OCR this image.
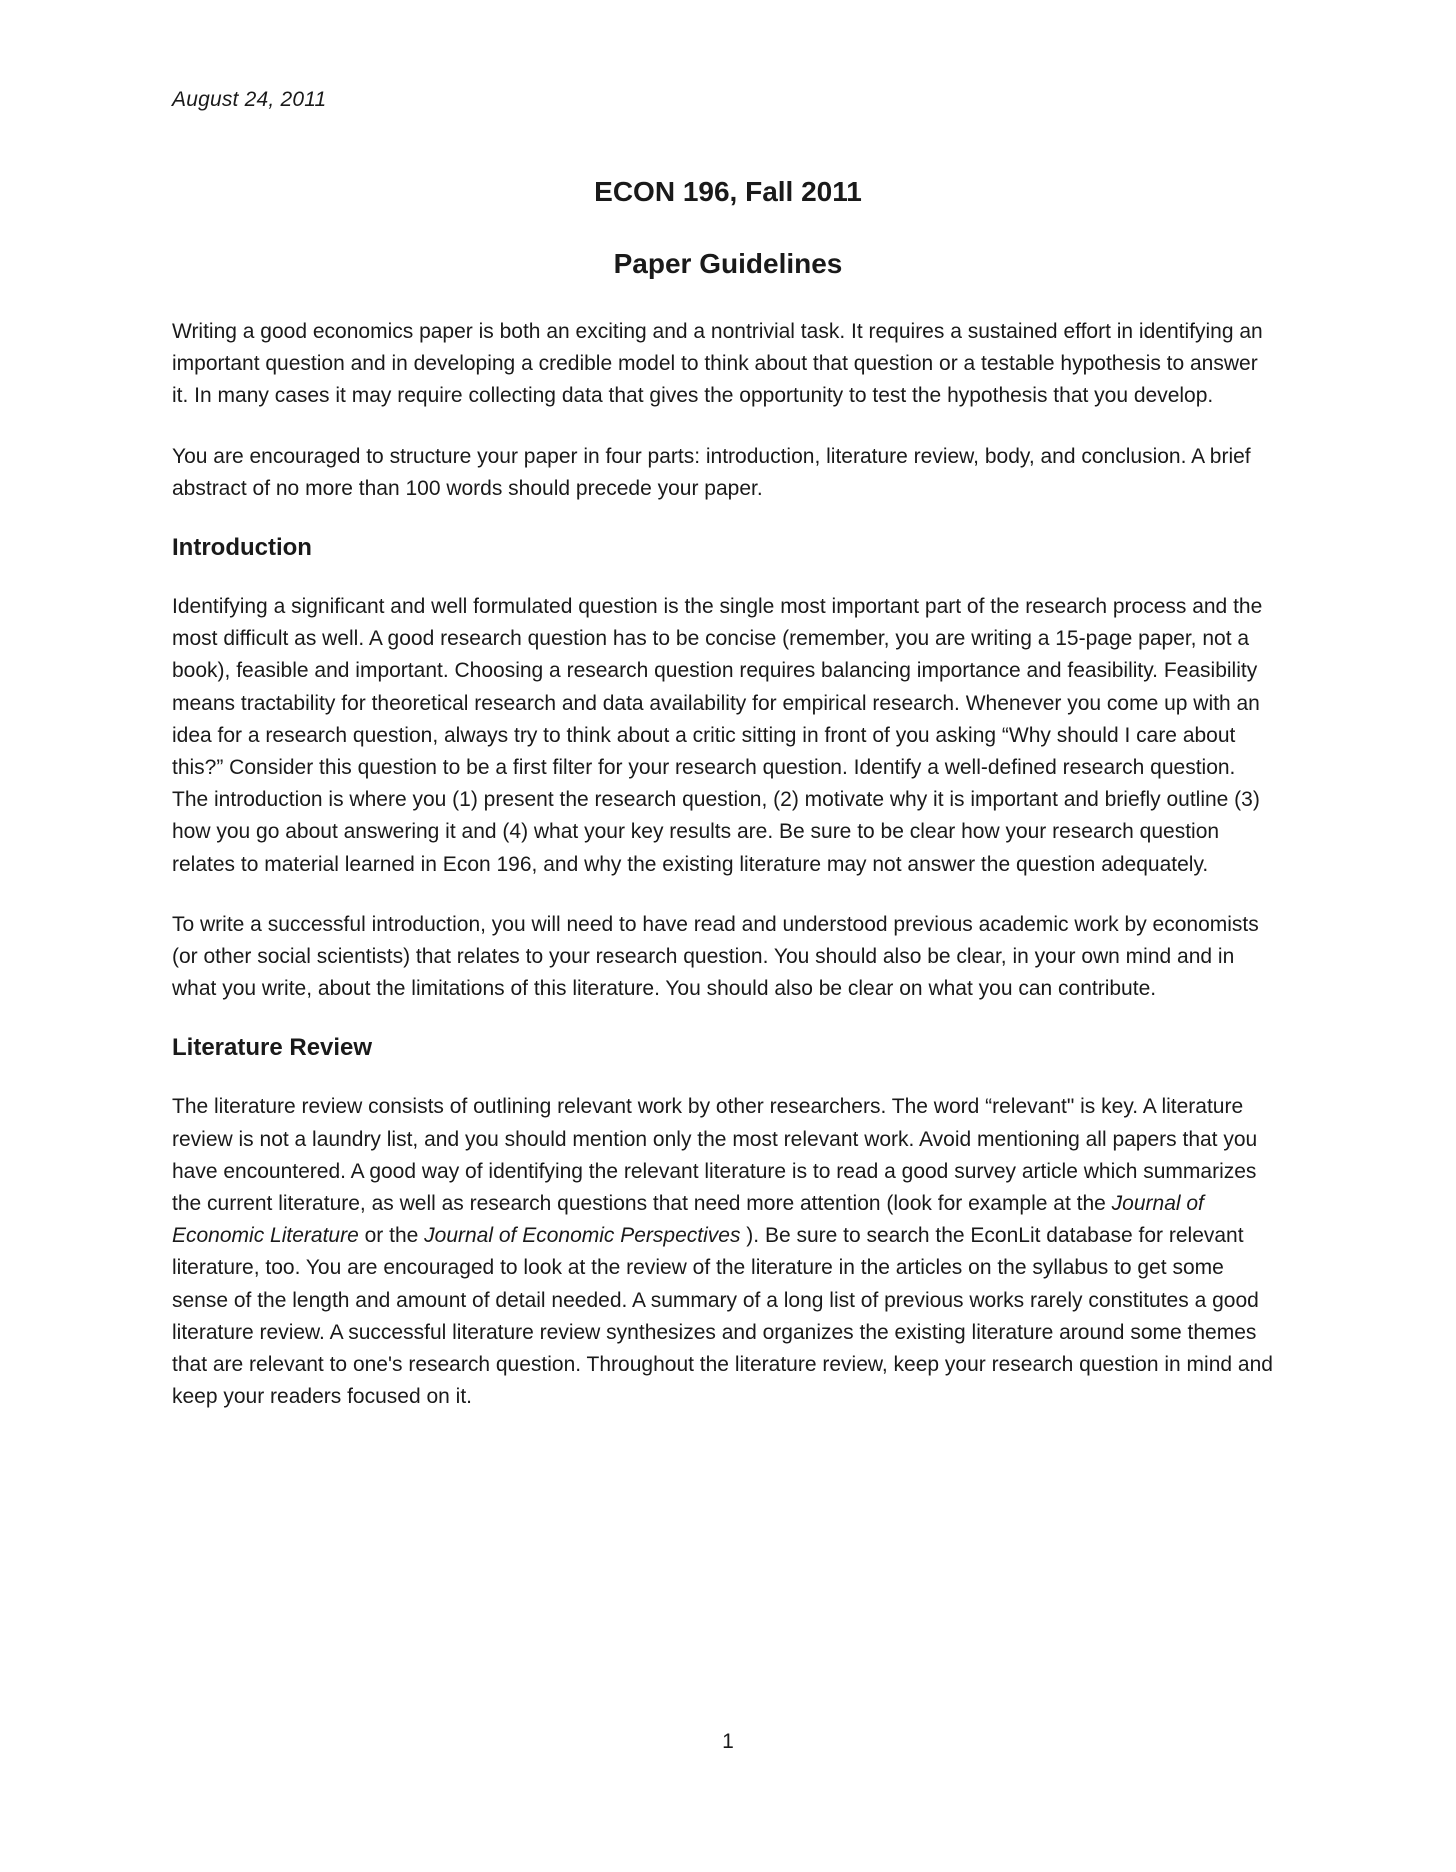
August 24, 2011
ECON 196, Fall 2011
Paper Guidelines

Writing a good economics paper is both an exciting and a nontrivial task. It requires a sustained effort in identifying an important question and in developing a credible model to think about that question or a testable hypothesis to answer it. In many cases it may require collecting data that gives the opportunity to test the hypothesis that you develop.

You are encouraged to structure your paper in four parts: introduction, literature review, body, and conclusion. A brief abstract of no more than 100 words should precede your paper.

Introduction

Identifying a significant and well formulated question is the single most important part of the research process and the most difficult as well. A good research question has to be concise (remember, you are writing a 15-page paper, not a book), feasible and important. Choosing a research question requires balancing importance and feasibility. Feasibility means tractability for theoretical research and data availability for empirical research. Whenever you come up with an idea for a research question, always try to think about a critic sitting in front of you asking “Why should I care about this?” Consider this question to be a first filter for your research question. Identify a well-defined research question. The introduction is where you (1) present the research question, (2) motivate why it is important and briefly outline (3) how you go about answering it and (4) what your key results are. Be sure to be clear how your research question relates to material learned in Econ 196, and why the existing literature may not answer the question adequately.

To write a successful introduction, you will need to have read and understood previous academic work by economists (or other social scientists) that relates to your research question. You should also be clear, in your own mind and in what you write, about the limitations of this literature. You should also be clear on what you can contribute.

Literature Review

The literature review consists of outlining relevant work by other researchers. The word “relevant" is key. A literature review is not a laundry list, and you should mention only the most relevant work. Avoid mentioning all papers that you have encountered. A good way of identifying the relevant literature is to read a good survey article which summarizes the current literature, as well as research questions that need more attention (look for example at the Journal of Economic Literature or the Journal of Economic Perspectives ). Be sure to search the EconLit database for relevant literature, too. You are encouraged to look at the review of the literature in the articles on the syllabus to get some sense of the length and amount of detail needed. A summary of a long list of previous works rarely constitutes a good literature review. A successful literature review synthesizes and organizes the existing literature around some themes that are relevant to one's research question. Throughout the literature review, keep your research question in mind and keep your readers focused on it.

1
